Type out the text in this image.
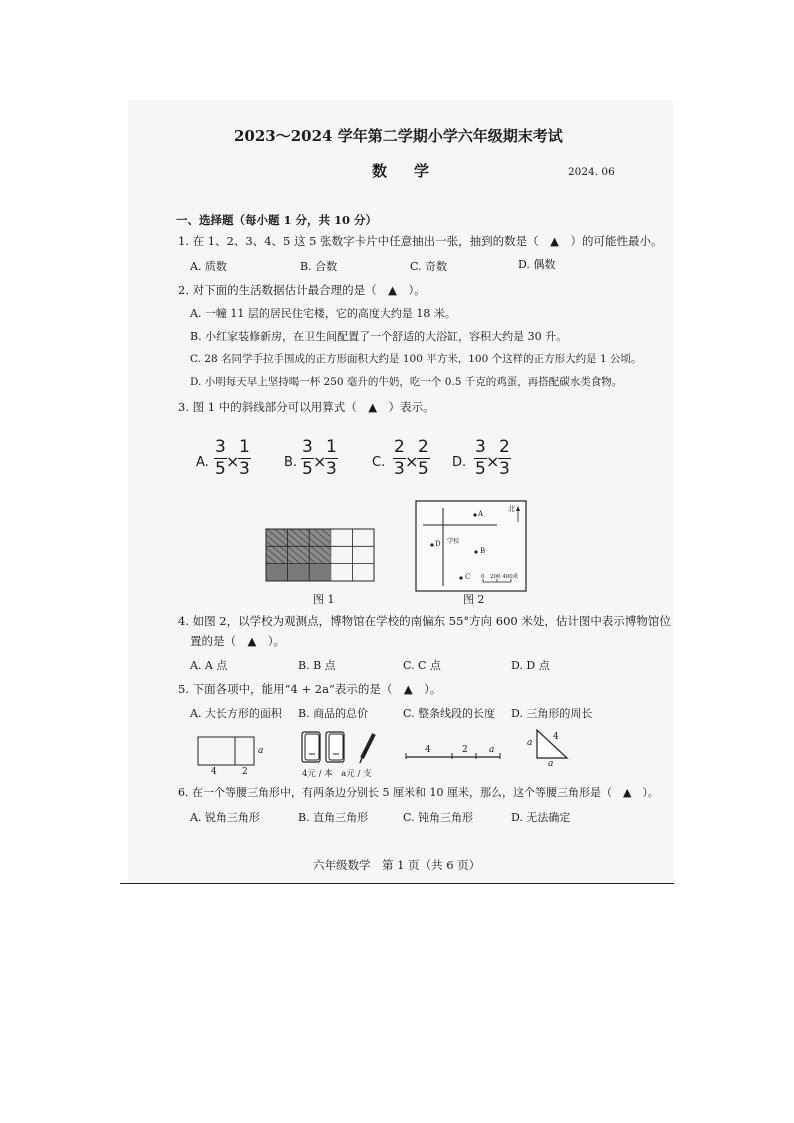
2023～2024 学年第二学期小学六年级期末考试
数　学	2024. 06
一、选择题（每小题 1 分，共 10 分）
1. 在 1、2、3、4、5 这 5 张数字卡片中任意抽出一张，抽到的数是（　▲　）的可能性最小。
A. 质数	B. 合数	C. 奇数	D. 偶数
2. 对下面的生活数据估计最合理的是（　▲　）。
A. 一幢 11 层的居民住宅楼，它的高度大约是 18 米。
B. 小红家装修新房，在卫生间配置了一个舒适的大浴缸，容积大约是 30 升。
C. 28 名同学手拉手围成的正方形面积大约是 100 平方米，100 个这样的正方形大约是 1 公顷。
D. 小明每天早上坚持喝一杯 250 毫升的牛奶，吃一个 0.5 千克的鸡蛋，再搭配碳水类食物。
3. 图 1 中的斜线部分可以用算式（　▲　）表示。
A.
3
5 ×
1
3	B.
3
5 ×
1
3	C.
2
3 ×
2
5 D.
3
5 ×
2
3
图 1
北
A
D 学校
B
C 0　200 400米
图 2
4. 如图 2，以学校为观测点，博物馆在学校的南偏东 55°方向 600 米处，估计图中表示博物馆位
置的是（　▲　）。
A. A 点	B. B 点	C. C 点	D. D 点
5. 下面各项中，能用“4 + 2a”表示的是（　▲　）。
A. 大长方形的面积 B. 商品的总价	C. 整条线段的长度 D. 三角形的周长
4	2
a
4元 / 本　a元 / 支
4	2 a
a
4
a
6. 在一个等腰三角形中，有两条边分别长 5 厘米和 10 厘米，那么，这个等腰三角形是（　▲　）。
A. 锐角三角形	B. 直角三角形	C. 钝角三角形	D. 无法确定
六年级数学　第 1 页（共 6 页）
